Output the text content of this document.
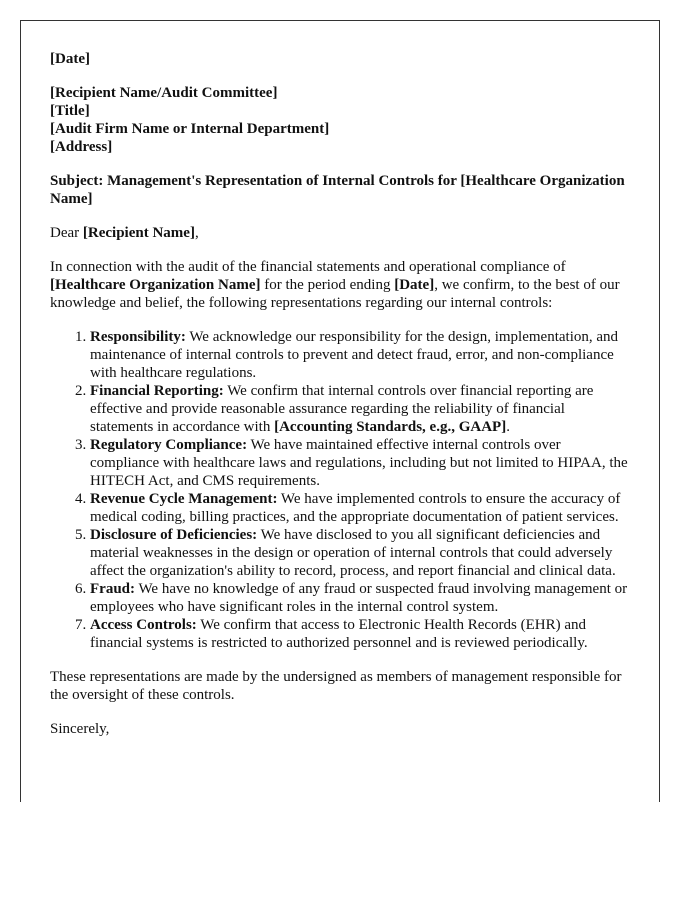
[Date]

[Recipient Name/Audit Committee]
[Title]
[Audit Firm Name or Internal Department]
[Address]

Subject: Management's Representation of Internal Controls for [Healthcare Organization Name]

Dear [Recipient Name],

In connection with the audit of the financial statements and operational compliance of [Healthcare Organization Name] for the period ending [Date], we confirm, to the best of our knowledge and belief, the following representations regarding our internal controls:

1. Responsibility: We acknowledge our responsibility for the design, implementation, and maintenance of internal controls to prevent and detect fraud, error, and non-compliance with healthcare regulations.
2. Financial Reporting: We confirm that internal controls over financial reporting are effective and provide reasonable assurance regarding the reliability of financial statements in accordance with [Accounting Standards, e.g., GAAP].
3. Regulatory Compliance: We have maintained effective internal controls over compliance with healthcare laws and regulations, including but not limited to HIPAA, the HITECH Act, and CMS requirements.
4. Revenue Cycle Management: We have implemented controls to ensure the accuracy of medical coding, billing practices, and the appropriate documentation of patient services.
5. Disclosure of Deficiencies: We have disclosed to you all significant deficiencies and material weaknesses in the design or operation of internal controls that could adversely affect the organization's ability to record, process, and report financial and clinical data.
6. Fraud: We have no knowledge of any fraud or suspected fraud involving management or employees who have significant roles in the internal control system.
7. Access Controls: We confirm that access to Electronic Health Records (EHR) and financial systems is restricted to authorized personnel and is reviewed periodically.

These representations are made by the undersigned as members of management responsible for the oversight of these controls.

Sincerely,
